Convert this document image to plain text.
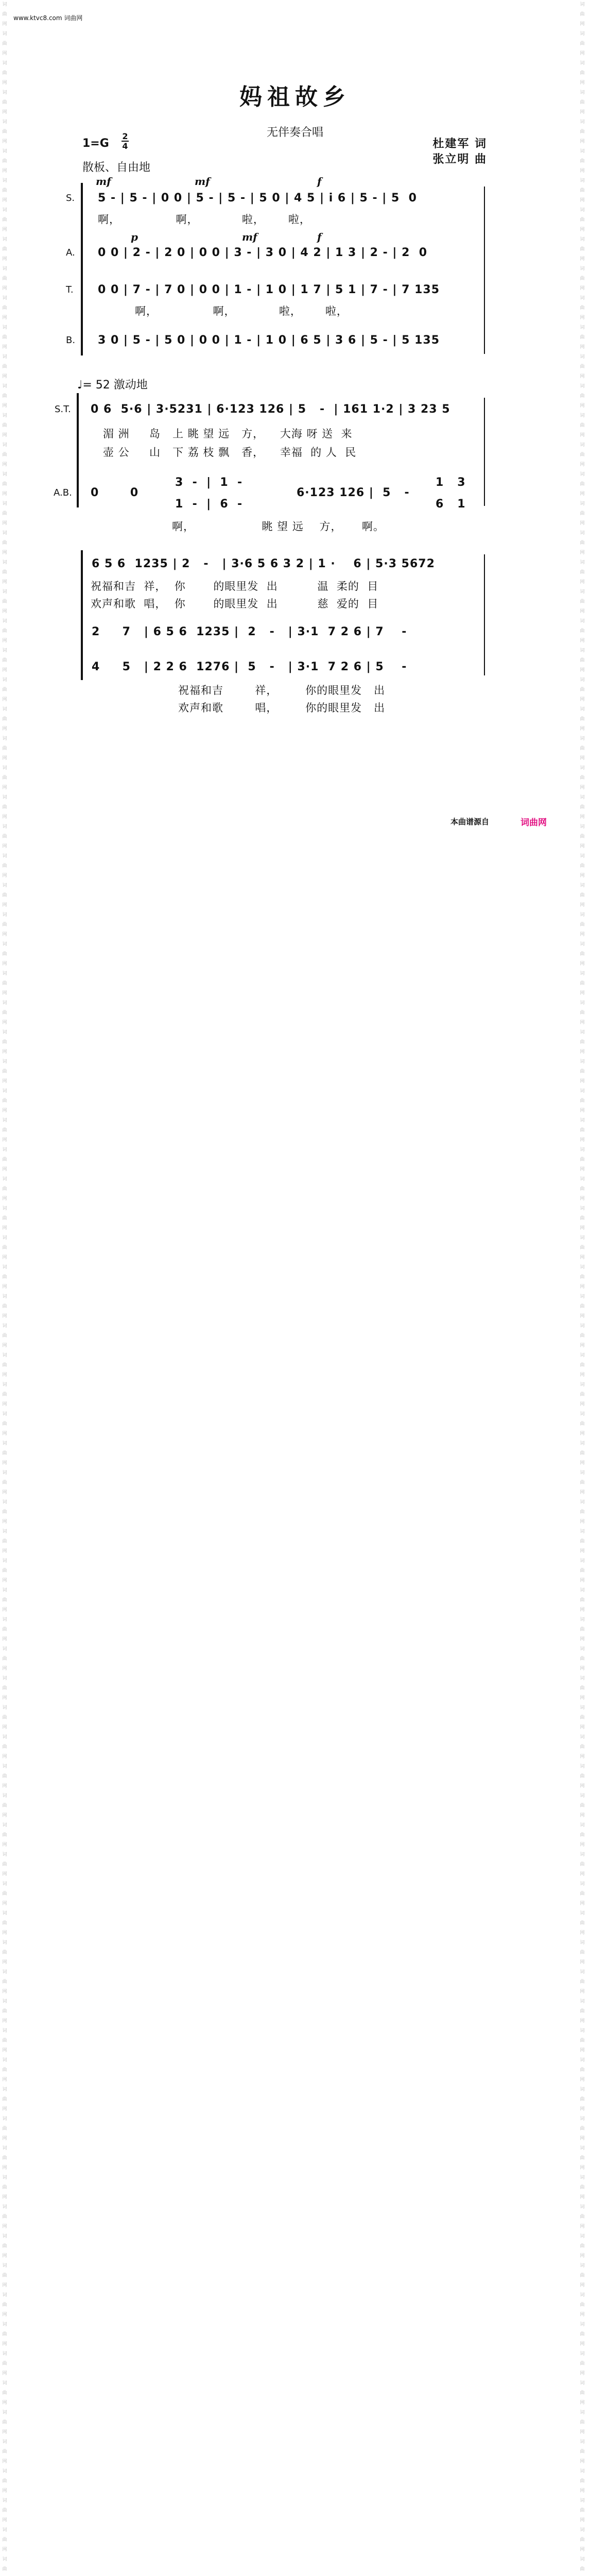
词曲网词曲网词曲网词曲网词曲网词曲网词曲网词曲网词曲网词曲网词曲网词曲网词曲网词曲网词曲网词曲网词曲网词曲网词曲网词曲网词曲网词曲网词曲网词曲网词曲网词曲网词曲网词曲网词曲网词曲网词曲网词曲网词曲网词曲网词曲网词曲网词曲网词曲网词曲网词曲网词曲网词曲网词曲网词曲网词曲网词曲网词曲网词曲网词曲网词曲网词曲网词曲网词曲网词曲网词曲网词曲网词曲网词曲网词曲网词曲网词曲网词曲网词曲网词曲网词曲网词曲网词曲网词曲网词曲网词曲网词曲网词曲网词曲网词曲网词曲网词曲网词曲网词曲网词曲网词曲网词曲网词曲网词曲网词曲网词曲网词曲网词曲网词曲
词曲网词曲网词曲网词曲网词曲网词曲网词曲网词曲网词曲网词曲网词曲网词曲网词曲网词曲网词曲网词曲网词曲网词曲网词曲网词曲网词曲网词曲网词曲网词曲网词曲网词曲网词曲网词曲网词曲网词曲网词曲网词曲网词曲网词曲网词曲网词曲网词曲网词曲网词曲网词曲网词曲网词曲网词曲网词曲网词曲网词曲网词曲网词曲网词曲网词曲网词曲网词曲网词曲网词曲网词曲网词曲网词曲网词曲网词曲网词曲网词曲网词曲网词曲网词曲网词曲网词曲网词曲网词曲网词曲网词曲网词曲网词曲网词曲网词曲网词曲网词曲网词曲网词曲网词曲网词曲网词曲网词曲网词曲网词曲网词曲网词曲网词曲网词曲
www.ktvc8.com 词曲网
妈祖故乡
无伴奏合唱
1=G
2
4
散板、自由地
杜建军 词
张立明 曲
S.
A.
T.
B.
mf	mf	f
p	mf	f
5 - | 5 - | 0 0 | 5 - | 5 - | 5 0 | 4 5 | i 6 | 5 - | 5  0
啊，              啊，           啦，      啦，
0 0 | 2 - | 2 0 | 0 0 | 3 - | 3 0 | 4 2 | 1 3 | 2 - | 2  0
0 0 | 7 - | 7 0 | 0 0 | 1 - | 1 0 | 1 7 | 5 1 | 7 - | 7 135
啊，              啊，           啦，      啦，
3 0 | 5 - | 5 0 | 0 0 | 1 - | 1 0 | 6 5 | 3 6 | 5 - | 5 135
♩= 52 激动地
S.T.
A.B.
0 6  5·6 | 3·5231 | 6·123 126 | 5   -  | 161 1·2 | 3 23 5
湄 洲     岛   上 眺 望 远   方，    大海 呀 送  来
壶 公     山   下 荔 枝 飘   香，    幸福  的 人  民
0       0
3  -  |  1  -
1  -  |  6  -
6·123 126 |  5   -
1   3
6   1
啊，                 眺 望 远    方，     啊。
6 5 6  1235 | 2   -   | 3·6 5 6 3 2 | 1 ·    6 | 5·3 5672
祝福和吉  祥，  你       的眼里发  出          温  柔的  目
欢声和歌  唱，  你       的眼里发  出          慈  爱的  目
2     7   | 6 5 6  1235 |  2   -   | 3·1  7 2 6 | 7    -
4     5   | 2 2 6  1276 |  5   -   | 3·1  7 2 6 | 5    -
祝福和吉        祥，       你的眼里发   出
欢声和歌        唱，       你的眼里发   出
本曲谱源自	词曲网
